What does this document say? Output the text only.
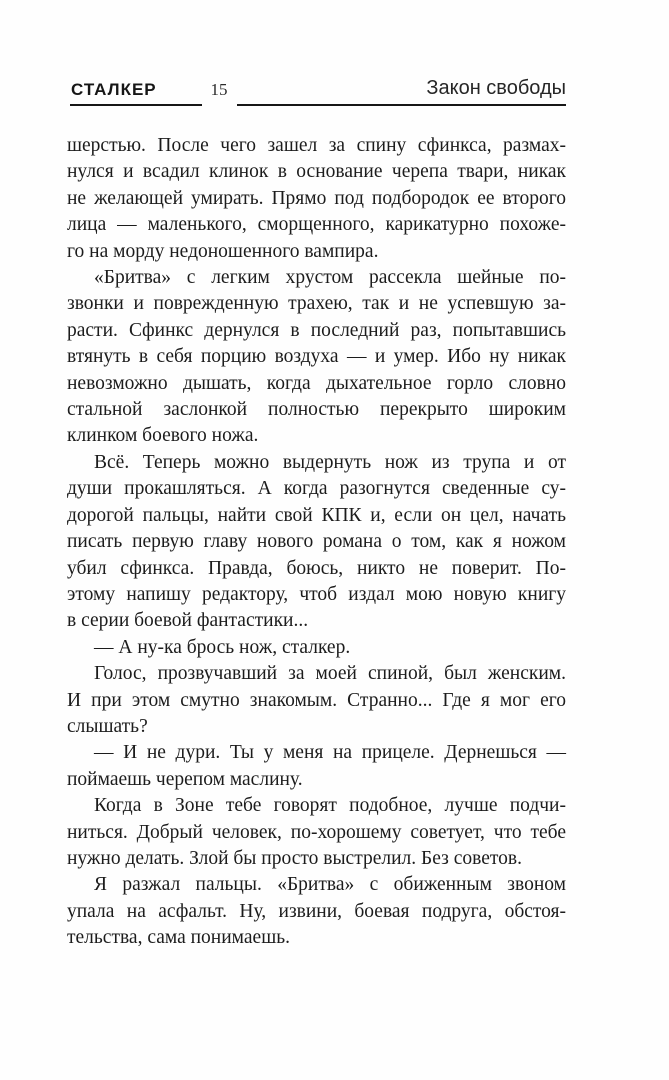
СТАЛКЕР	15	Закон свободы
шерстью. После чего зашел за спину сфинкса, размах-
нулся и всадил клинок в основание черепа твари, никак
не желающей умирать. Прямо под подбородок ее второго
лица — маленького, сморщенного, карикатурно похоже-
го на морду недоношенного вампира.
«Бритва» с легким хрустом рассекла шейные по-
звонки и поврежденную трахею, так и не успевшую за-
расти. Сфинкс дернулся в последний раз, попытавшись
втянуть в себя порцию воздуха — и умер. Ибо ну никак
невозможно дышать, когда дыхательное горло словно
стальной заслонкой полностью перекрыто широким
клинком боевого ножа.
Всё. Теперь можно выдернуть нож из трупа и от
души прокашляться. А когда разогнутся сведенные су-
дорогой пальцы, найти свой КПК и, если он цел, начать
писать первую главу нового романа о том, как я ножом
убил сфинкса. Правда, боюсь, никто не поверит. По-
этому напишу редактору, чтоб издал мою новую книгу
в серии боевой фантастики...
— А ну-ка брось нож, сталкер.
Голос, прозвучавший за моей спиной, был женским.
И при этом смутно знакомым. Странно... Где я мог его
слышать?
— И не дури. Ты у меня на прицеле. Дернешься —
поймаешь черепом маслину.
Когда в Зоне тебе говорят подобное, лучше подчи-
ниться. Добрый человек, по-хорошему советует, что тебе
нужно делать. Злой бы просто выстрелил. Без советов.
Я разжал пальцы. «Бритва» с обиженным звоном
упала на асфальт. Ну, извини, боевая подруга, обстоя-
тельства, сама понимаешь.
